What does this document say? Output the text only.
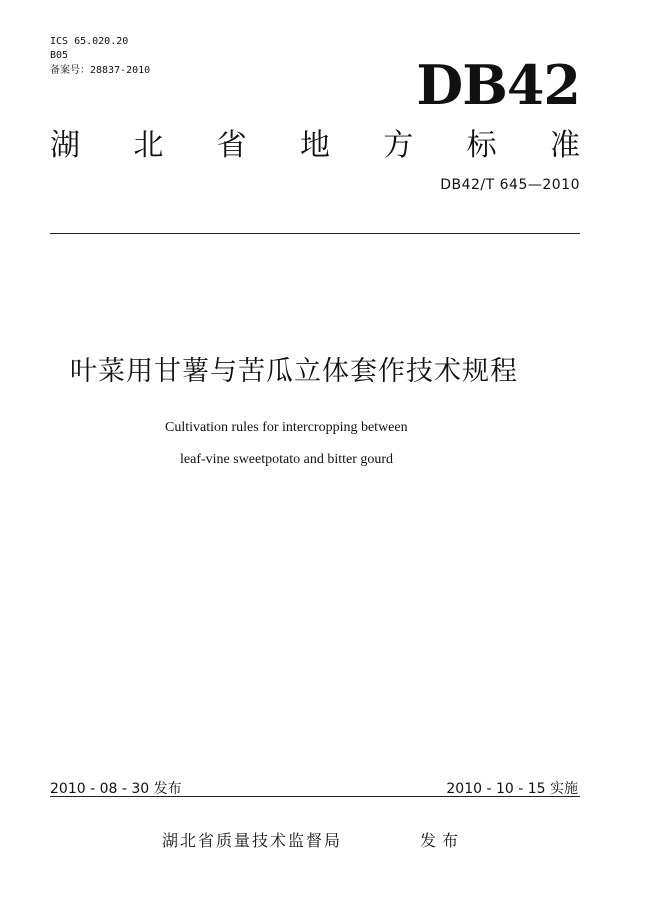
ICS 65.020.20
B05
备案号：28837-2010	DB42
湖 北 省 地 方 标 准
DB42/T 645—2010
叶菜用甘薯与苦瓜立体套作技术规程
Cultivation rules for intercropping between
leaf-vine sweetpotato and bitter gourd
2010 - 08 - 30 发布	2010 - 10 - 15 实施
湖北省质量技术监督局	发布
